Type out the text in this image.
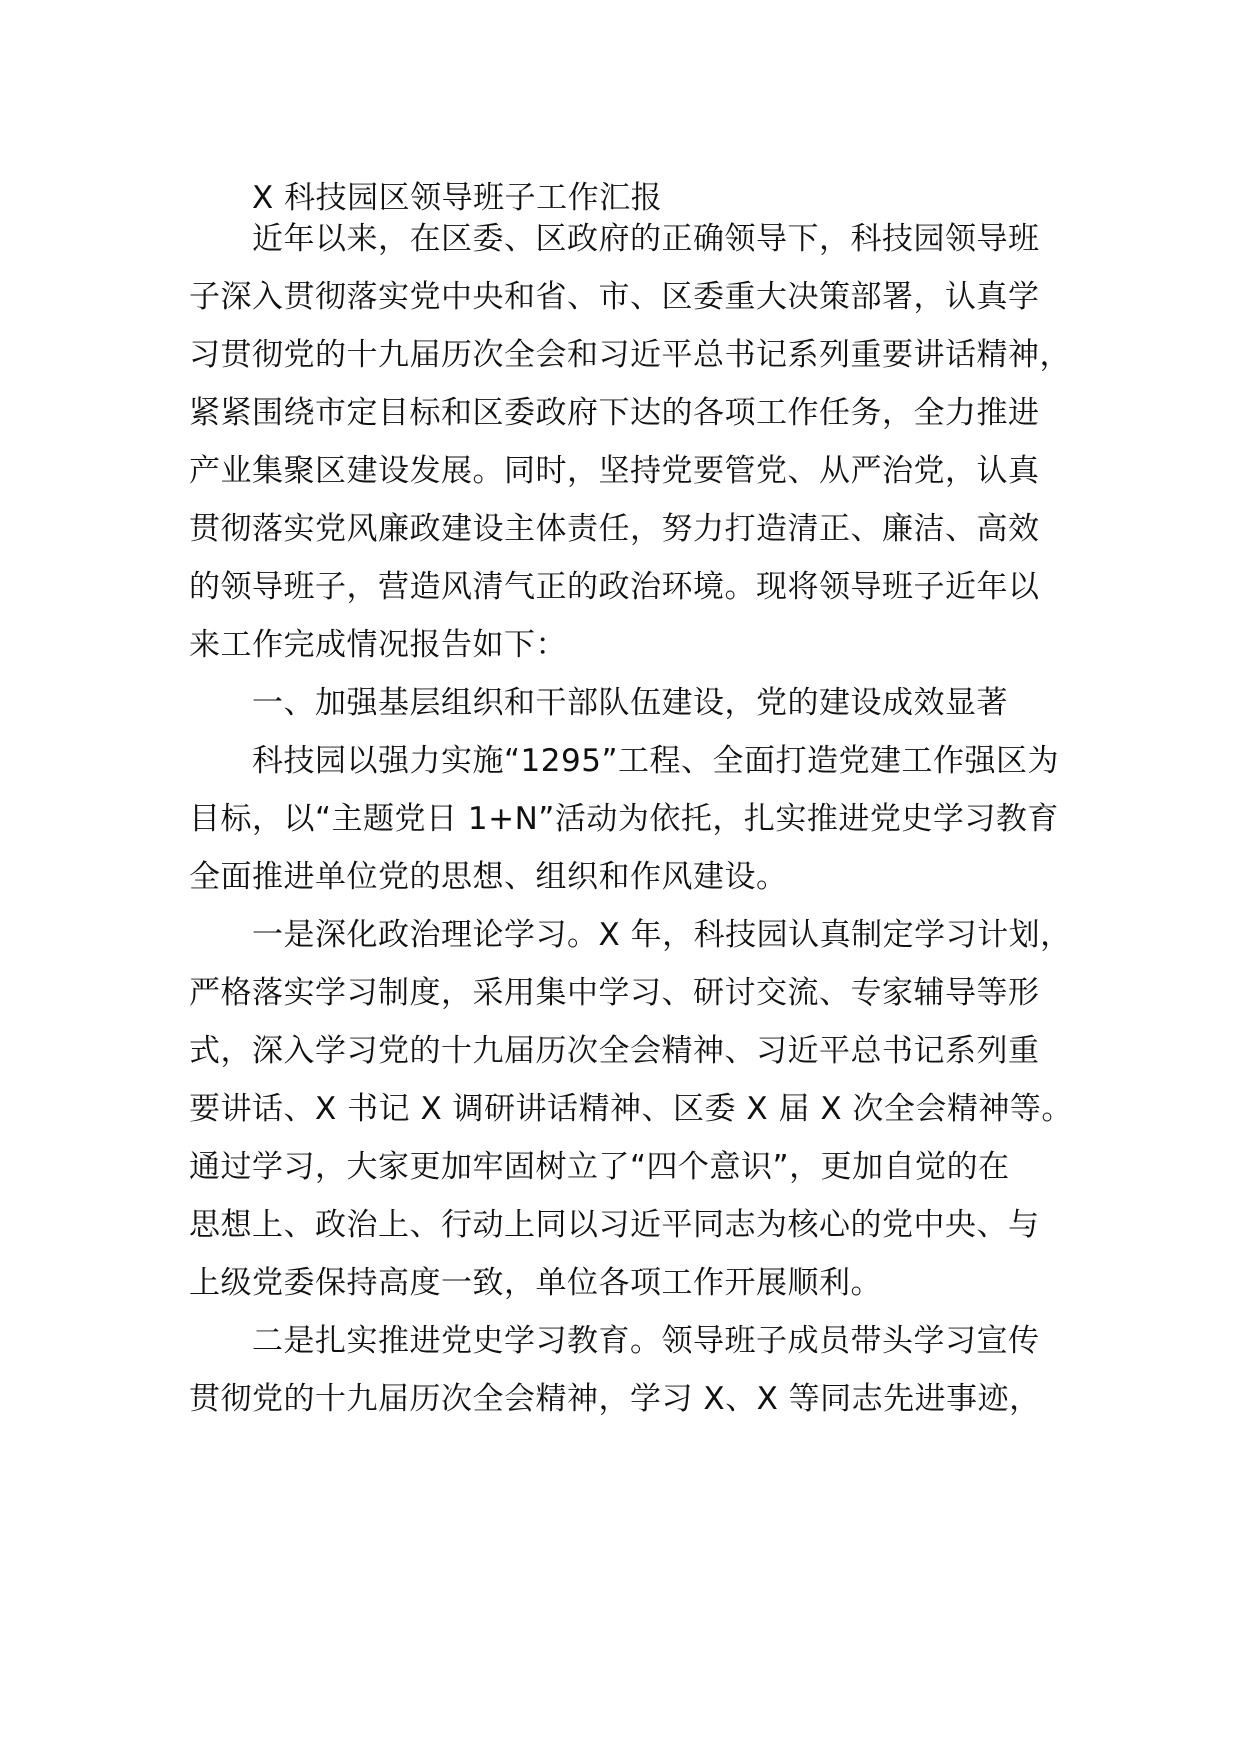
X 科技园区领导班子工作汇报
近年以来，在区委、区政府的正确领导下，科技园领导班
子深入贯彻落实党中央和省、市、区委重大决策部署，认真学
习贯彻党的十九届历次全会和习近平总书记系列重要讲话精神，
紧紧围绕市定目标和区委政府下达的各项工作任务，全力推进
产业集聚区建设发展。同时，坚持党要管党、从严治党，认真
贯彻落实党风廉政建设主体责任，努力打造清正、廉洁、高效
的领导班子，营造风清气正的政治环境。现将领导班子近年以
来工作完成情况报告如下：
一、加强基层组织和干部队伍建设，党的建设成效显著
科技园以强力实施“1295”工程、全面打造党建工作强区为
目标，以“主题党日 1+N”活动为依托，扎实推进党史学习教育
全面推进单位党的思想、组织和作风建设。
一是深化政治理论学习。X 年，科技园认真制定学习计划，
严格落实学习制度，采用集中学习、研讨交流、专家辅导等形
式，深入学习党的十九届历次全会精神、习近平总书记系列重
要讲话、X 书记 X 调研讲话精神、区委 X 届 X 次全会精神等。
通过学习，大家更加牢固树立了“四个意识”，更加自觉的在
思想上、政治上、行动上同以习近平同志为核心的党中央、与
上级党委保持高度一致，单位各项工作开展顺利。
二是扎实推进党史学习教育。领导班子成员带头学习宣传
贯彻党的十九届历次全会精神，学习 X、X 等同志先进事迹，
